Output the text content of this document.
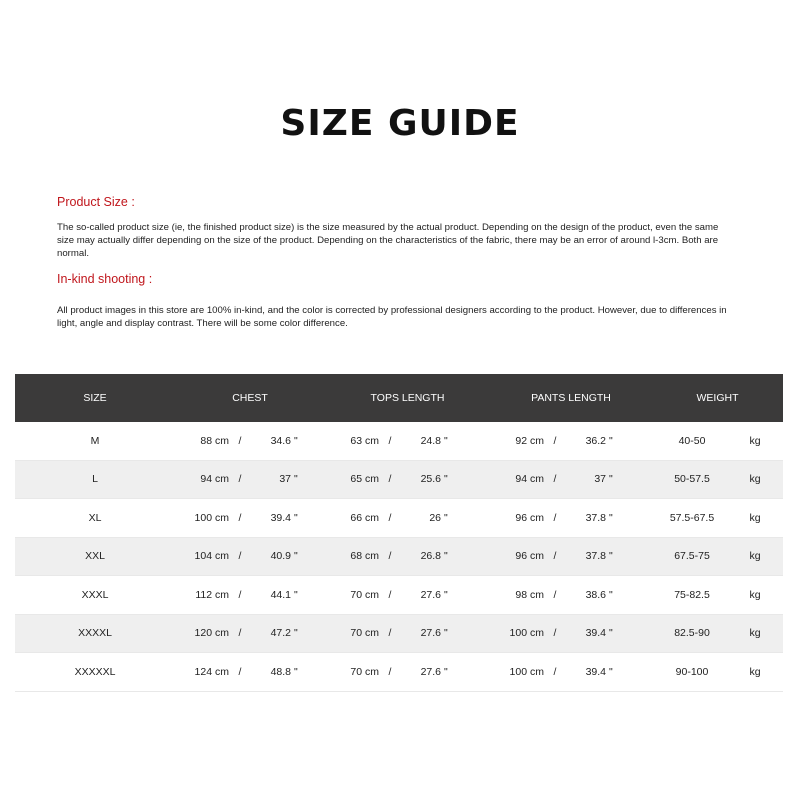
SIZE GUIDE
Product Size :

The so-called product size (ie, the finished product size) is the size measured by the actual product. Depending on the design of the product, even the same size may actually differ depending on the size of the product. Depending on the characteristics of the fabric, there may be an error of around l-3cm. Both are normal.

In-kind shooting :

All product images in this store are 100% in-kind, and the color is corrected by professional designers according to the product. However, due to differences in light, angle and display contrast. There will be some color difference.

SIZE	CHEST	TOPS LENGTH	PANTS LENGTH	WEIGHT
M	88 cm /	34.6 "	63 cm /	24.8 "	92 cm /	36.2 "	40-50	kg
L	94 cm /	37 "	65 cm /	25.6 "	94 cm /	37 "	50-57.5	kg
XL	100 cm /	39.4 "	66 cm /	26 "	96 cm /	37.8 "	57.5-67.5	kg
XXL	104 cm /	40.9 "	68 cm /	26.8 "	96 cm /	37.8 "	67.5-75	kg
XXXL	112 cm /	44.1 "	70 cm /	27.6 "	98 cm /	38.6 "	75-82.5	kg
XXXXL	120 cm /	47.2 "	70 cm /	27.6 "	100 cm /	39.4 "	82.5-90	kg
XXXXXL	124 cm /	48.8 "	70 cm /	27.6 "	100 cm /	39.4 "	90-100	kg
